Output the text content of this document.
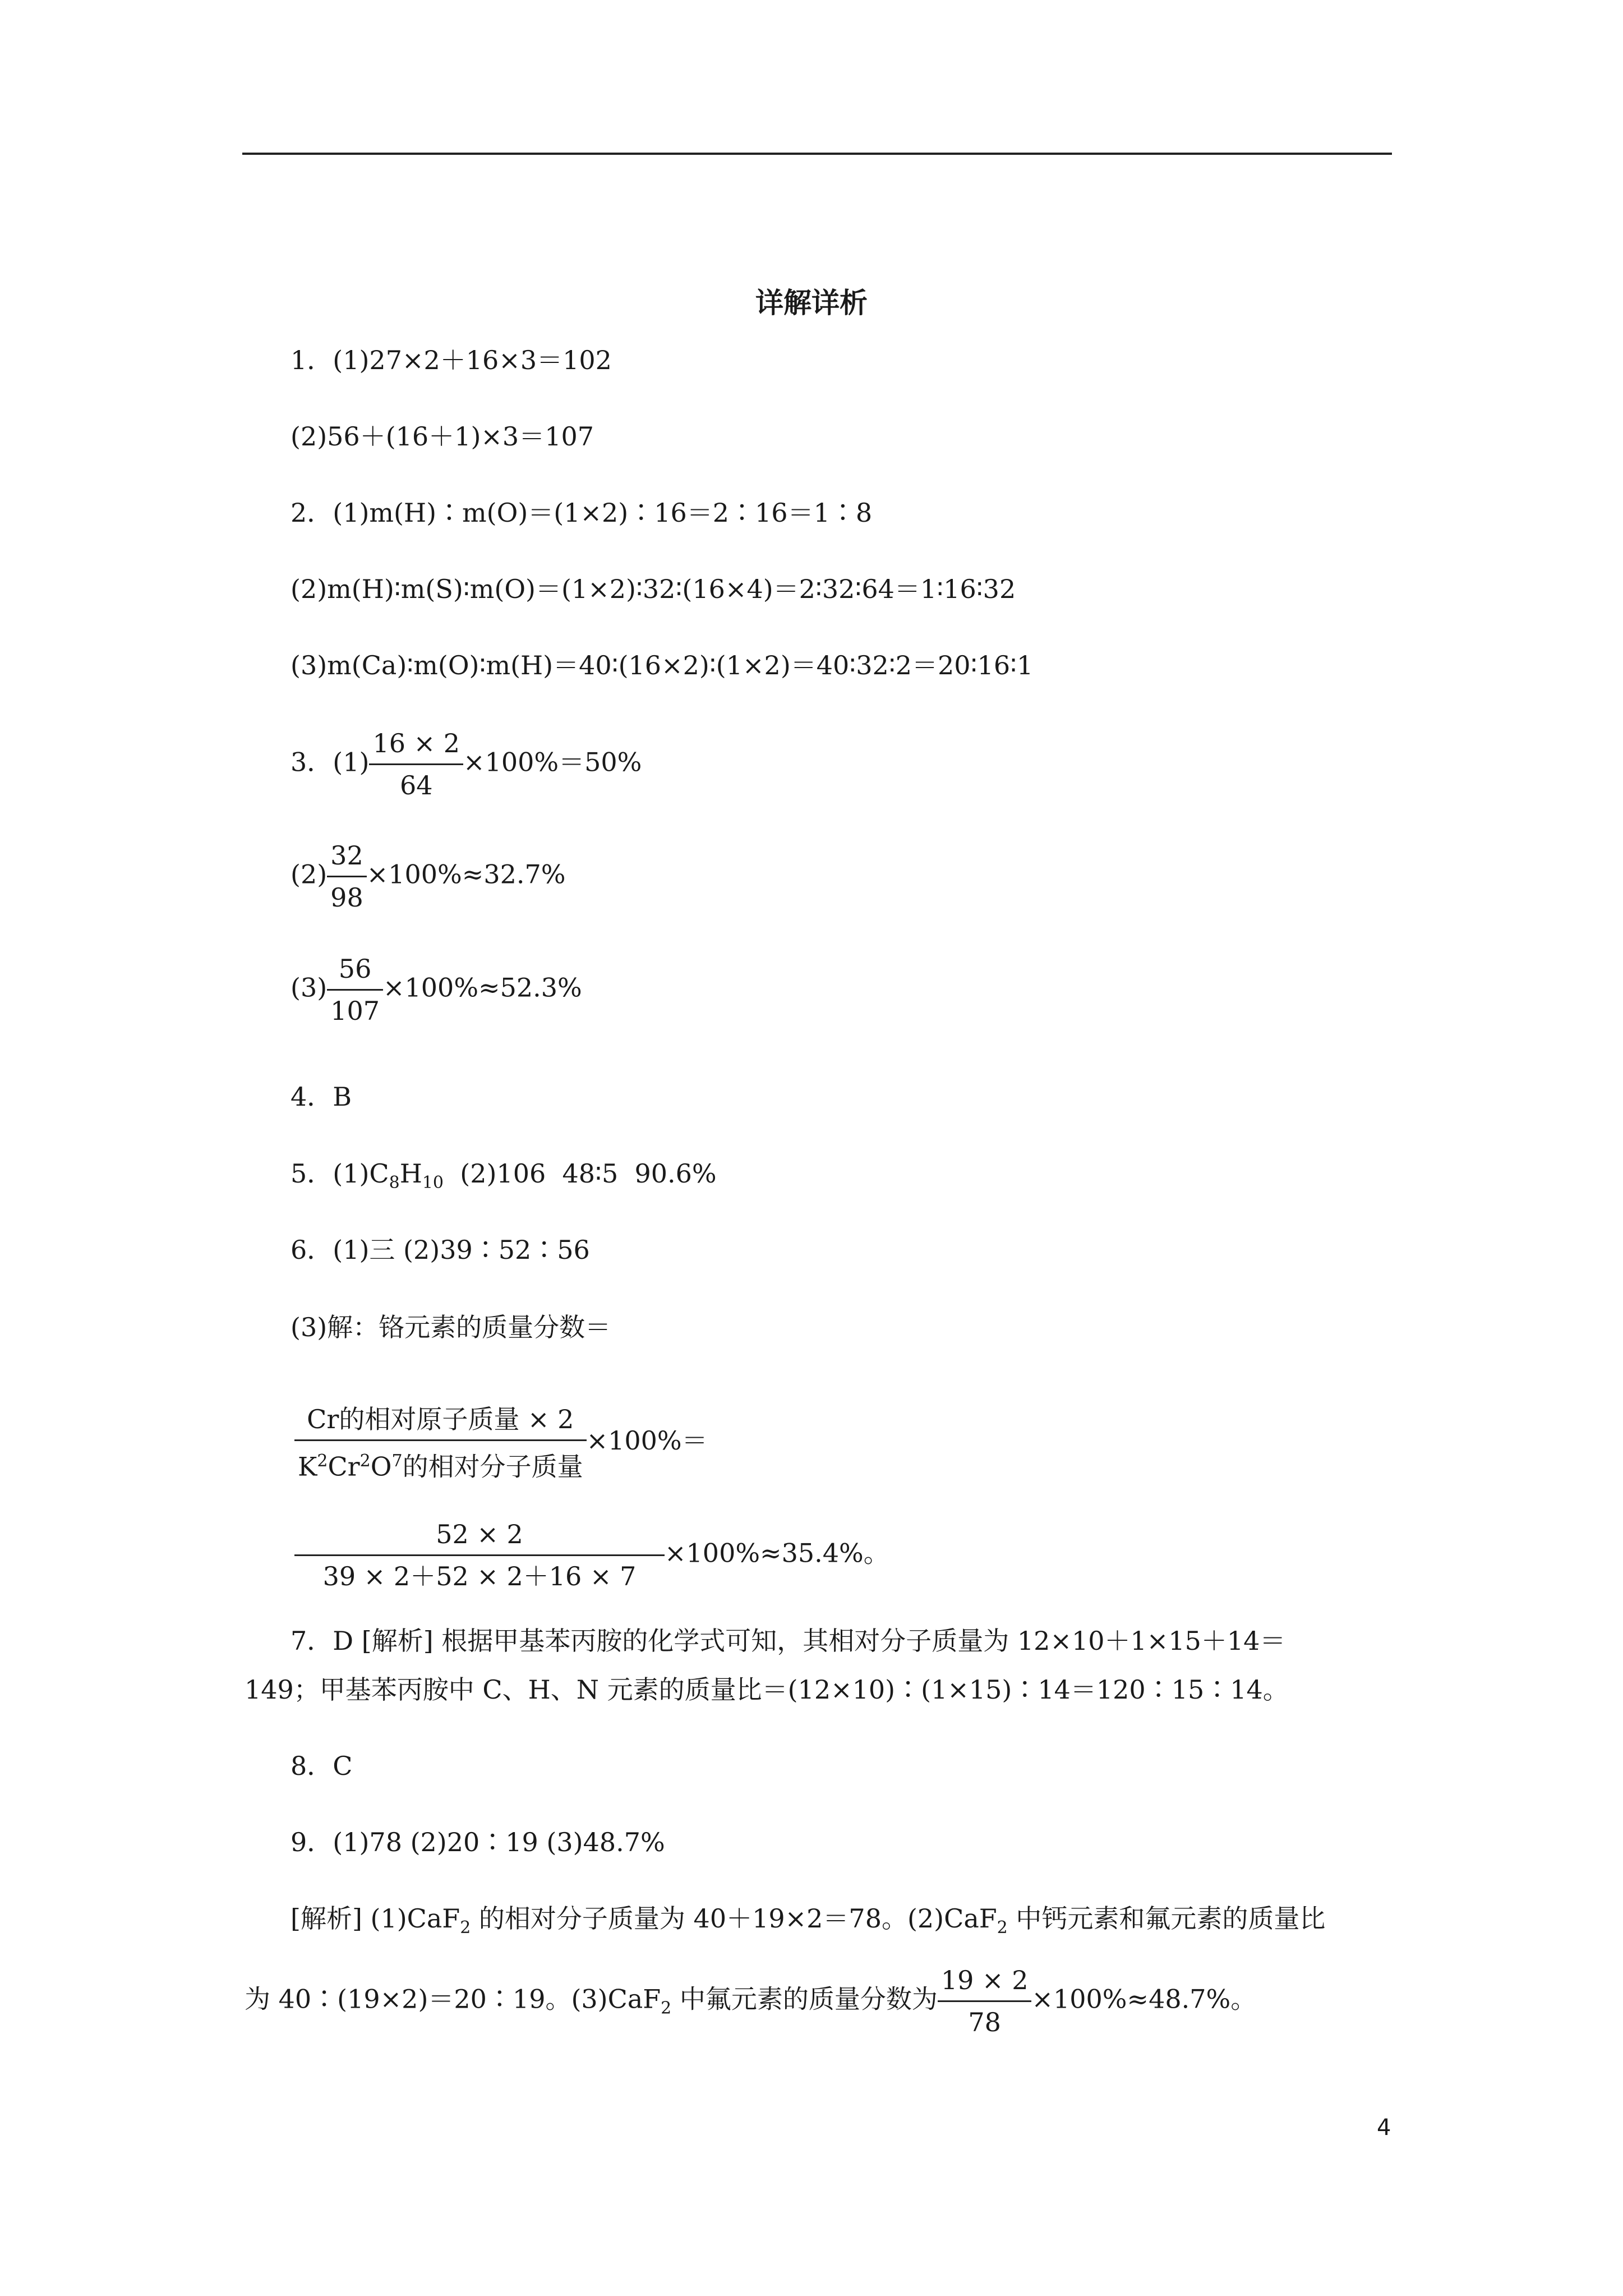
详解详析
1．(1)27×2＋16×3＝102
(2)56＋(16＋1)×3＝107
2．(1)m(H)∶m(O)＝(1×2)∶16＝2∶16＝1∶8
(2)m(H)∶m(S)∶m(O)＝(1×2)∶32∶(16×4)＝2∶32∶64＝1∶16∶32
(3)m(Ca)∶m(O)∶m(H)＝40∶(16×2)∶(1×2)＝40∶32∶2＝20∶16∶1
3．$(1) \frac{16 \times 2}{64} \times 100\%=50\%$
$(2) \frac{32}{98} \times 100\%\approx 32.7\%$
$(3) \frac{56}{107} \times 100\%\approx 52.3\%$
4．B
5．$(1)C_8H_{10}$  (2)106  48∶5  90.6%
6．(1)三 (2)39∶52∶56
(3)解：铬元素的质量分数＝
$\frac{\text{Cr的相对原子质量 × 2}}{K^2Cr^2O^7的相对分子质量} \times 100\%=$
$\frac{52 \times 2}{39 \times 2+52 \times 2+16 \times 7} \times 100\%\approx 35.4\%$。
7．D [解析] 根据甲基苯丙胺的化学式可知，其相对分子质量为 12×10＋1×15＋14＝
149；甲基苯丙胺中 C、H、N 元素的质量比＝(12×10)∶(1×15)∶14＝120∶15∶14。
8．C
9．(1)78 (2)20∶19 (3)48.7%
[解析] (1)CaF$_2$ 的相对分子质量为 40＋19×2＝78。(2)CaF$_2$ 中钙元素和氟元素的质量比
为 40∶(19×2)＝20∶19。(3)CaF$_2$ 中氟元素的质量分数为 $\frac{19 \times 2}{78} \times 100\%\approx 48.7\%$。
4
